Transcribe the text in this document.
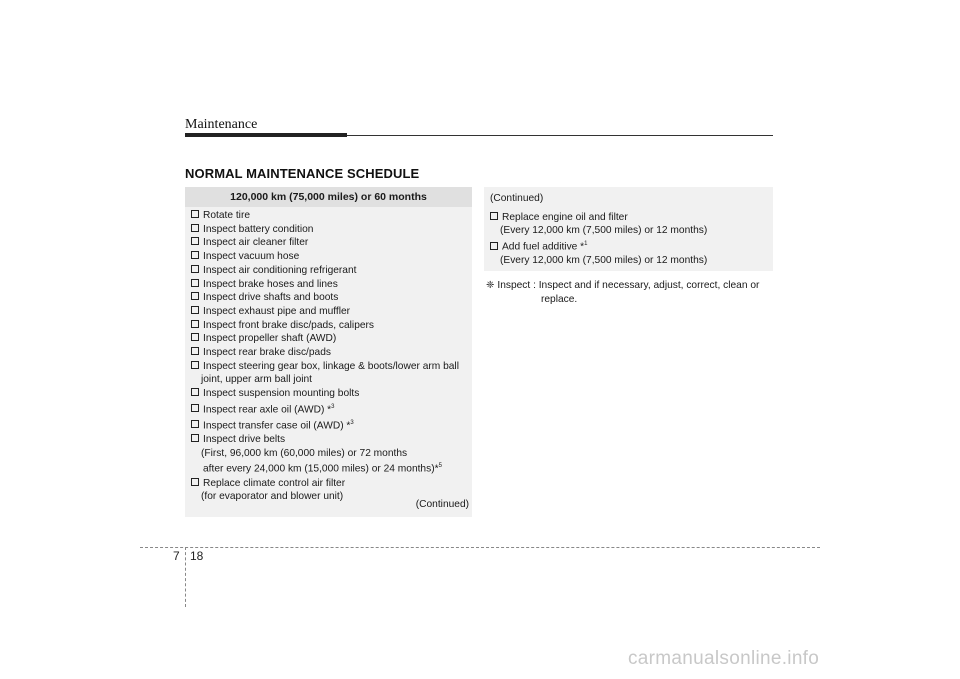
Maintenance
NORMAL MAINTENANCE SCHEDULE
120,000 km (75,000 miles) or 60 months
Rotate tire
Inspect battery condition
Inspect air cleaner filter
Inspect vacuum hose
Inspect air conditioning refrigerant
Inspect brake hoses and lines
Inspect drive shafts and boots
Inspect exhaust pipe and muffler
Inspect front brake disc/pads, calipers
Inspect propeller shaft (AWD)
Inspect rear brake disc/pads
Inspect steering gear box, linkage & boots/lower arm ball
joint, upper arm ball joint
Inspect suspension mounting bolts
Inspect rear axle oil (AWD) *$^3$
Inspect transfer case oil (AWD) *$^3$
Inspect drive belts
(First, 96,000 km (60,000 miles) or 72 months
after every 24,000 km (15,000 miles) or 24 months)*$^5$
Replace climate control air filter
(for evaporator and blower unit)
(Continued)
(Continued)
Replace engine oil and filter
(Every 12,000 km (7,500 miles) or 12 months)
Add fuel additive *$^1$
(Every 12,000 km (7,500 miles) or 12 months)
❈ Inspect : Inspect and if necessary, adjust, correct, clean or
replace.
7 18
carmanualsonline.info
